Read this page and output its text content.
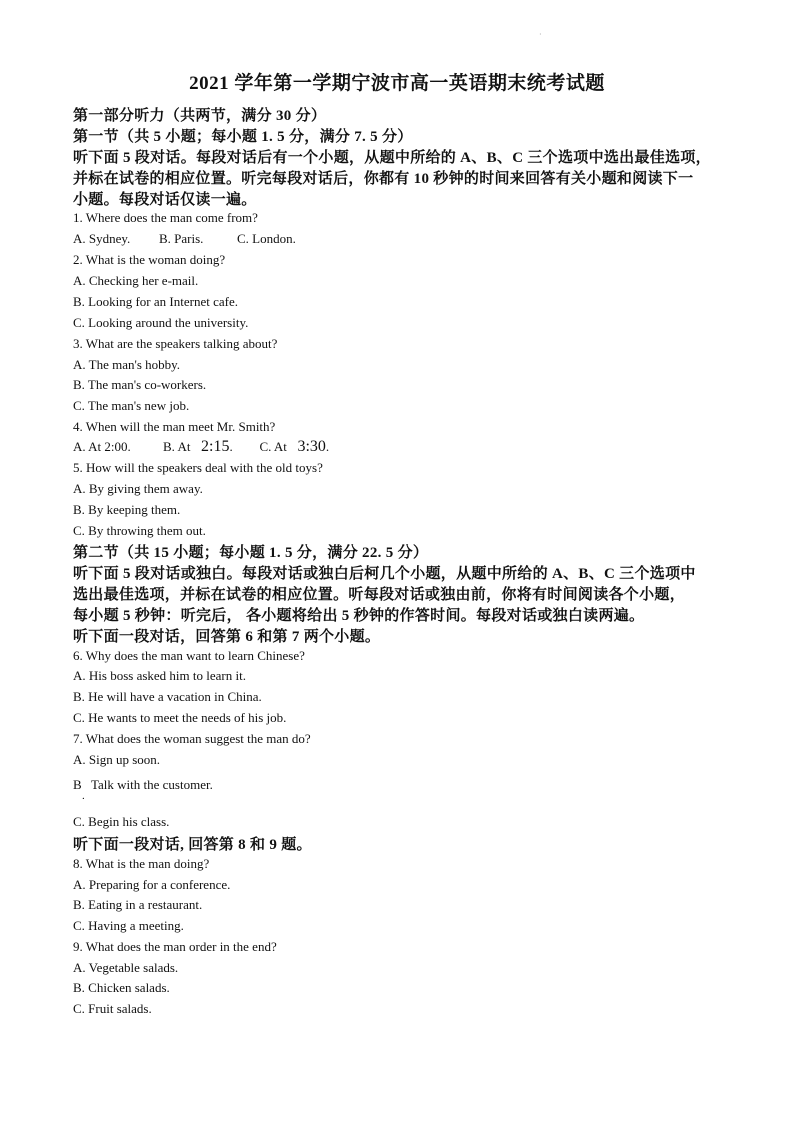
·
2021 学年第一学期宁波市高一英语期末统考试题
第一部分听力（共两节，满分 30 分）
第一节（共 5 小题；每小题 1. 5 分，满分 7. 5 分）
听下面 5 段对话。每段对话后有一个小题，从题中所给的 A、B、C 三个选项中选出最佳选项，
并标在试卷的相应位置。听完每段对话后，你都有 10 秒钟的时间来回答有关小题和阅读下一
小题。每段对话仅读一遍。
1. Where does the man come from?
A. Sydney. B. Paris.	C. London.
2. What is the woman doing?
A. Checking her e-mail.
B. Looking for an Internet cafe.
C. Looking around the university.
3. What are the speakers talking about?
A. The man's hobby.
B. The man's co-workers.
C. The man's new job.
4. When will the man meet Mr. Smith?
A. At 2:00. B. At 2:15. C. At 3:30.
5. How will the speakers deal with the old toys?
A. By giving them away.
B. By keeping them.
C. By throwing them out.
第二节（共 15 小题；每小题 1. 5 分，满分 22. 5 分）
听下面 5 段对话或独白。每段对话或独白后柯几个小题，从题中所给的 A、B、C 三个选项中
选出最佳选项，并标在试卷的相应位置。听每段对话或独由前，你将有时间阅读各个小题，
每小题 5 秒钟：听完后， 各小题将给出 5 秒钟的作答时间。每段对话或独白读两遍。
听下面一段对话，回答第 6 和第 7 两个小题。
6. Why does the man want to learn Chinese?
A. His boss asked him to learn it.
B. He will have a vacation in China.
C. He wants to meet the needs of his job.
7. What does the woman suggest the man do?
A. Sign up soon.
B Talk with the customer.
.
C. Begin his class.
听下面一段对话, 回答第 8 和 9 题。
8. What is the man doing?
A. Preparing for a conference.
B. Eating in a restaurant.
C. Having a meeting.
9. What does the man order in the end?
A. Vegetable salads.
B. Chicken salads.
C. Fruit salads.
